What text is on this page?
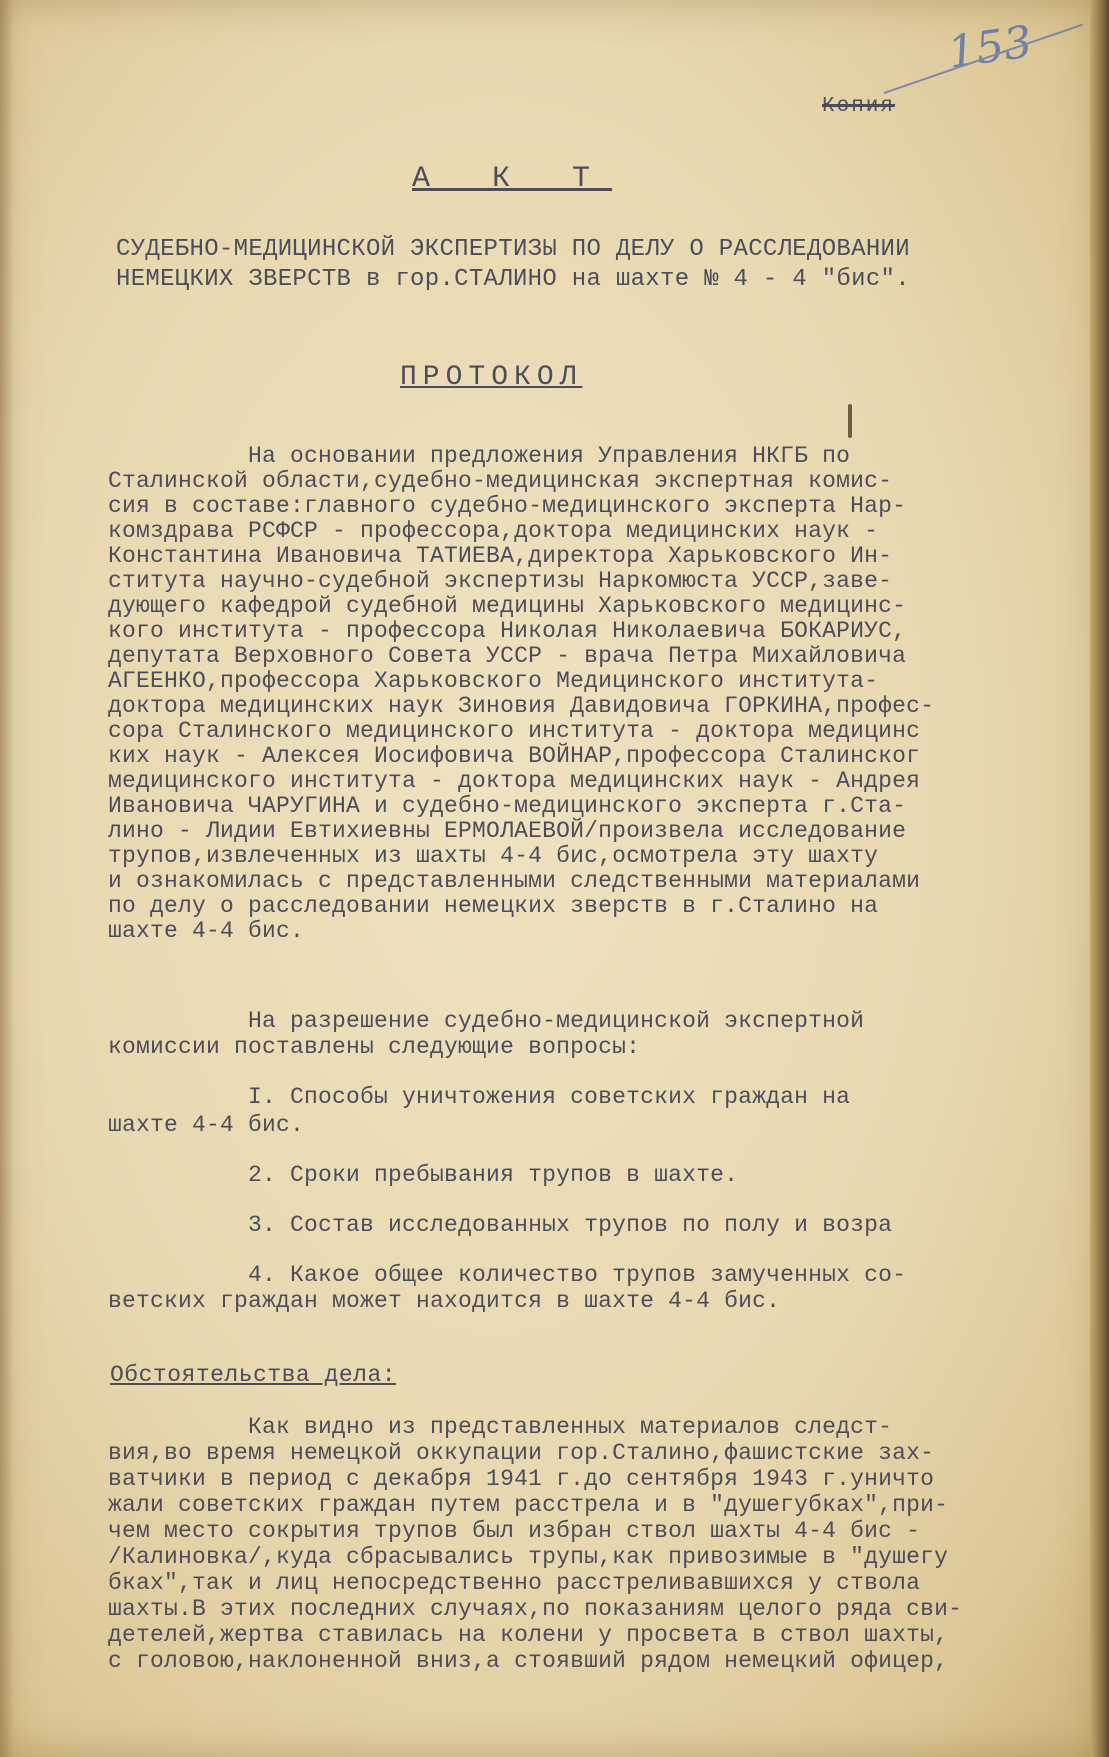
153
Копия
А К Т
СУДЕБНО-МЕДИЦИНСКОЙ ЭКСПЕРТИЗЫ ПО ДЕЛУ О РАССЛЕДОВАНИИ
НЕМЕЦКИХ ЗВЕРСТВ в гор.СТАЛИНО на шахте № 4 - 4 "бис".
ПРОТОКОЛ
На основании предложения Управления НКГБ по
Сталинской области,судебно-медицинская экспертная комис-
сия в составе:главного судебно-медицинского эксперта Нар-
комздрава РСФСР - профессора,доктора медицинских наук -
Константина Ивановича ТАТИЕВА,директора Харьковского Ин-
ститута научно-судебной экспертизы Наркомюста УССР,заве-
дующего кафедрой судебной медицины Харьковского медицинс-
кого института - профессора Николая Николаевича БОКАРИУС,
депутата Верховного Совета УССР - врача Петра Михайловича
АГЕЕНКО,профессора Харьковского Медицинского института-
доктора медицинских наук Зиновия Давидовича ГОРКИНА,профес-
сора Сталинского медицинского института - доктора медицинс
ких наук - Алексея Иосифовича ВОЙНАР,профессора Сталинског
медицинского института - доктора медицинских наук - Андрея
Ивановича ЧАРУГИНА и судебно-медицинского эксперта г.Ста-
лино - Лидии Евтихиевны ЕРМОЛАЕВОЙ/произвела исследование
трупов,извлеченных из шахты 4-4 бис,осмотрела эту шахту
и ознакомилась с представленными следственными материалами
по делу о расследовании немецких зверств в г.Сталино на
шахте 4-4 бис.
На разрешение судебно-медицинской экспертной
комиссии поставлены следующие вопросы:
I. Способы уничтожения советских граждан на
шахте 4-4 бис.
2. Сроки пребывания трупов в шахте.
3. Состав исследованных трупов по полу и возра
4. Какое общее количество трупов замученных со-
ветских граждан может находится в шахте 4-4 бис.
Обстоятельства дела:
Как видно из представленных материалов следст-
вия,во время немецкой оккупации гор.Сталино,фашистские зах-
ватчики в период с декабря 1941 г.до сентября 1943 г.уничто
жали советских граждан путем расстрела и в "душегубках",при-
чем место сокрытия трупов был избран ствол шахты 4-4 бис -
/Калиновка/,куда сбрасывались трупы,как привозимые в "душегу
бках",так и лиц непосредственно расстреливавшихся у ствола
шахты.В этих последних случаях,по показаниям целого ряда сви-
детелей,жертва ставилась на колени у просвета в ствол шахты,
с головою,наклоненной вниз,а стоявший рядом немецкий офицер,
